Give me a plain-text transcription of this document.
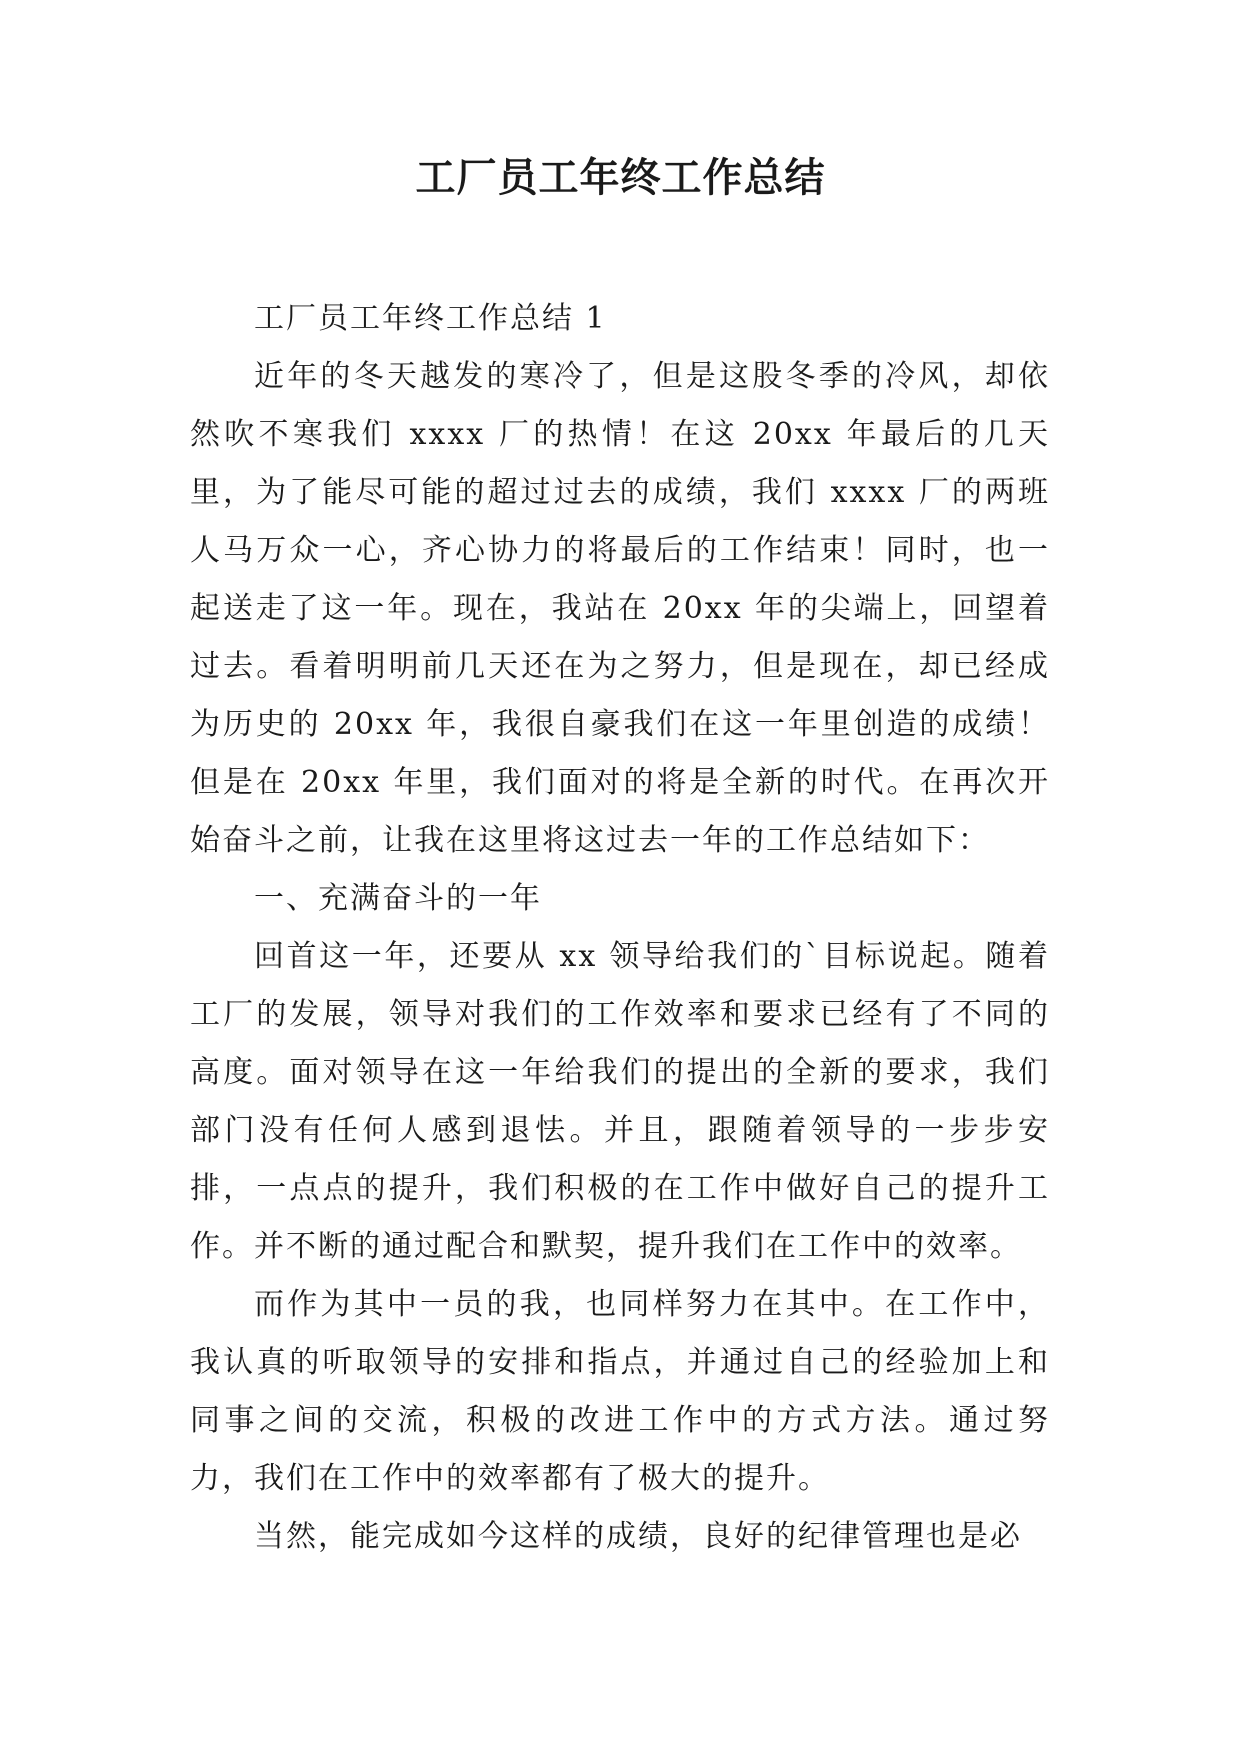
工厂员工年终工作总结

工厂员工年终工作总结 1

近年的冬天越发的寒冷了，但是这股冬季的冷风，却依然吹不寒我们 xxxx 厂的热情！在这 20xx 年最后的几天里，为了能尽可能的超过过去的成绩，我们 xxxx 厂的两班人马万众一心，齐心协力的将最后的工作结束！同时，也一起送走了这一年。现在，我站在 20xx 年的尖端上，回望着过去。看着明明前几天还在为之努力，但是现在，却已经成为历史的 20xx 年，我很自豪我们在这一年里创造的成绩！但是在 20xx 年里，我们面对的将是全新的时代。在再次开始奋斗之前，让我在这里将这过去一年的工作总结如下：

一、充满奋斗的一年

回首这一年，还要从 xx 领导给我们的`目标说起。随着工厂的发展，领导对我们的工作效率和要求已经有了不同的高度。面对领导在这一年给我们的提出的全新的要求，我们部门没有任何人感到退怯。并且，跟随着领导的一步步安排，一点点的提升，我们积极的在工作中做好自己的提升工作。并不断的通过配合和默契，提升我们在工作中的效率。

而作为其中一员的我，也同样努力在其中。在工作中，我认真的听取领导的安排和指点，并通过自己的经验加上和同事之间的交流，积极的改进工作中的方式方法。通过努力，我们在工作中的效率都有了极大的提升。

当然，能完成如今这样的成绩，良好的纪律管理也是必
